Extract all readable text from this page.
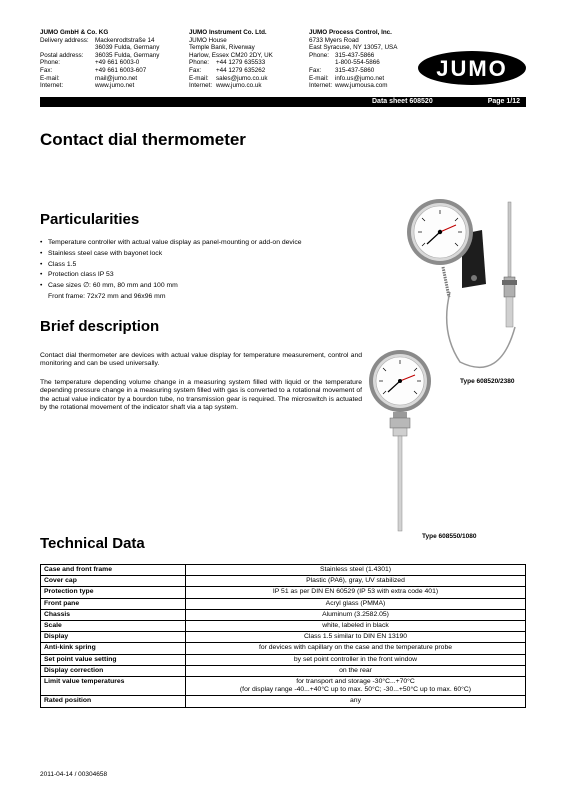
JUMO GmbH & Co. KG
Delivery address:	Mackenrodtstraße 14
36039 Fulda, Germany
Postal address:	36035 Fulda, Germany
Phone:	+49 661 6003-0
Fax:	+49 661 6003-607
E-mail:	mail@jumo.net
Internet:	www.jumo.net
JUMO Instrument Co. Ltd.
JUMO House
Temple Bank, Riverway
Harlow, Essex CM20 2DY, UK
Phone:	+44 1279 635533
Fax:	+44 1279 635262
E-mail:	sales@jumo.co.uk
Internet: www.jumo.co.uk
JUMO Process Control, Inc.
6733 Myers Road
East Syracuse, NY 13057, USA
Phone: 315-437-5866
1-800-554-5866
Fax:	315-437-5860
E-mail:	info.us@jumo.net
Internet: www.jumousa.com
JUMO
Data sheet 608520	Page 1/12
Contact dial thermometer
Particularities
• Temperature controller with actual value display as panel-mounting or add-on device
• Stainless steel case with bayonet lock
• Class 1.5
• Protection class IP 53
• Case sizes ∅: 60 mm, 80 mm and 100 mm
Front frame: 72x72 mm and 96x96 mm
Brief description

Contact dial thermometer are devices with actual value display for temperature measurement, control and monitoring and can be used universally.

The temperature depending volume change in a measuring system filled with liquid or the temperature depending pressure change in a measuring system filled with gas is converted to a rotational movement of the actual value indicator by a bourdon tube, no transmission gear is required. The microswitch is actuated by the rotational movement of the indicator shaft via a tap system.

Type 608520/2380
Type 608550/1080
Technical Data
Case and front frame	Stainless steel (1.4301)

Cover cap	Plastic (PA6), gray, UV stabilized

Protection type	IP 51 as per DIN EN 60529 (IP 53 with extra code 401)

Front pane	Acryl glass (PMMA)

Chassis	Aluminum (3.2582.05)

Scale	white, labeled in black

Display	Class 1.5 similar to DIN EN 13190

Anti-kink spring	for devices with capillary on the case and the temperature probe

Set point value setting	by set point controller in the front window

Display correction	on the rear

Limit value temperatures	for transport and storage -30°C...+70°C
(for display range -40...+40°C up to max. 50°C; -30...+50°C up to max. 60°C)

Rated position	any
2011-04-14 / 00304658
